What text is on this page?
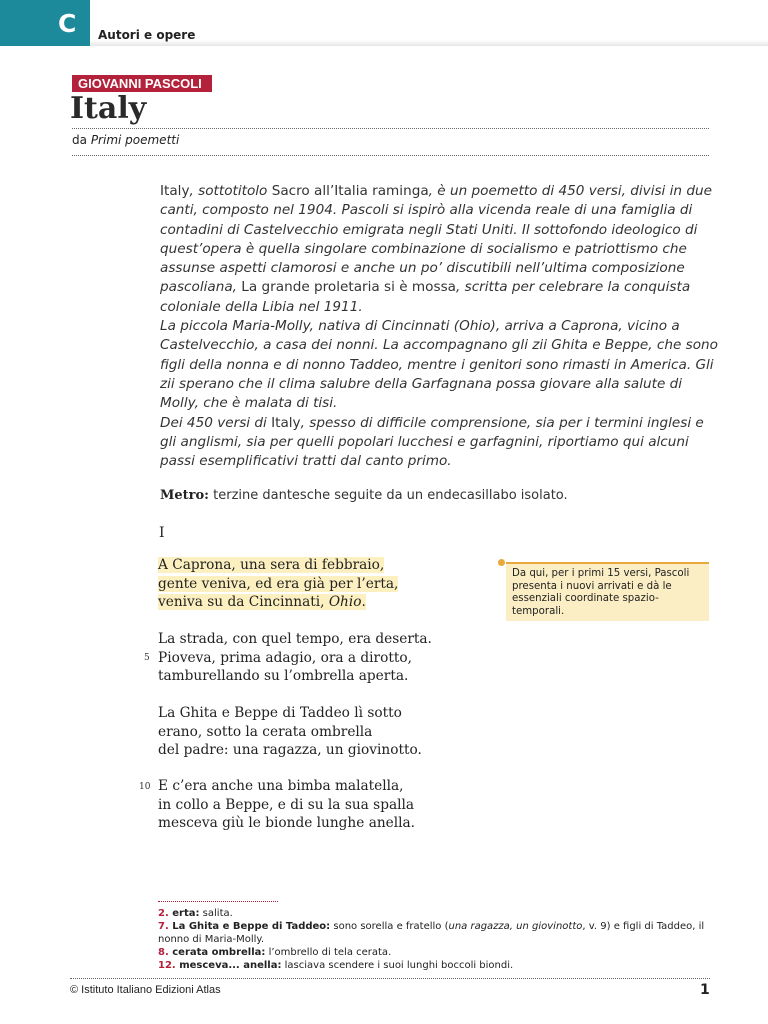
C Autori e opere
GIOVANNI PASCOLI
Italy
da Primi poemetti

Italy, sottotitolo Sacro all’Italia raminga, è un poemetto di 450 versi, divisi in due canti, composto nel 1904. Pascoli si ispirò alla vicenda reale di una famiglia di contadini di Castelvecchio emigrata negli Stati Uniti. Il sottofondo ideologico di quest’opera è quella singolare combinazione di socialismo e patriottismo che assunse aspetti clamorosi e anche un po’ discutibili nell’ultima composizione pascoliana, La grande proletaria si è mossa, scritta per celebrare la conquista coloniale della Libia nel 1911.

La piccola Maria-Molly, nativa di Cincinnati (Ohio), arriva a Caprona, vicino a Castelvecchio, a casa dei nonni. La accompagnano gli zii Ghita e Beppe, che sono figli della nonna e di nonno Taddeo, mentre i genitori sono rimasti in America. Gli zii sperano che il clima salubre della Garfagnana possa giovare alla salute di Molly, che è malata di tisi.

Dei 450 versi di Italy, spesso di difficile comprensione, sia per i termini inglesi e gli anglismi, sia per quelli popolari lucchesi e garfagnini, riportiamo qui alcuni passi esemplificativi tratti dal canto primo.

Metro: terzine dantesche seguite da un endecasillabo isolato.
I
A Caprona, una sera di febbraio,
gente veniva, ed era già per l’erta,
veniva su da Cincinnati, Ohio.
La strada, con quel tempo, era deserta.
Pioveva, prima adagio, ora a dirotto,
tamburellando su l’ombrella aperta.
La Ghita e Beppe di Taddeo lì sotto
erano, sotto la cerata ombrella
del padre: una ragazza, un giovinotto.
E c’era anche una bimba malatella,
in collo a Beppe, e di su la sua spalla
mesceva giù le bionde lunghe anella.
5
10
Da qui, per i primi 15 versi, Pascoli presenta i nuovi arrivati e dà le essenziali coordinate spazio-temporali.

2. erta: salita.

7. La Ghita e Beppe di Taddeo: sono sorella e fratello (una ragazza, un giovinotto, v. 9) e figli di Taddeo, il nonno di Maria-Molly.

8. cerata ombrella: l’ombrello di tela cerata.

12. mesceva... anella: lasciava scendere i suoi lunghi boccoli biondi.

© Istituto Italiano Edizioni Atlas	1
